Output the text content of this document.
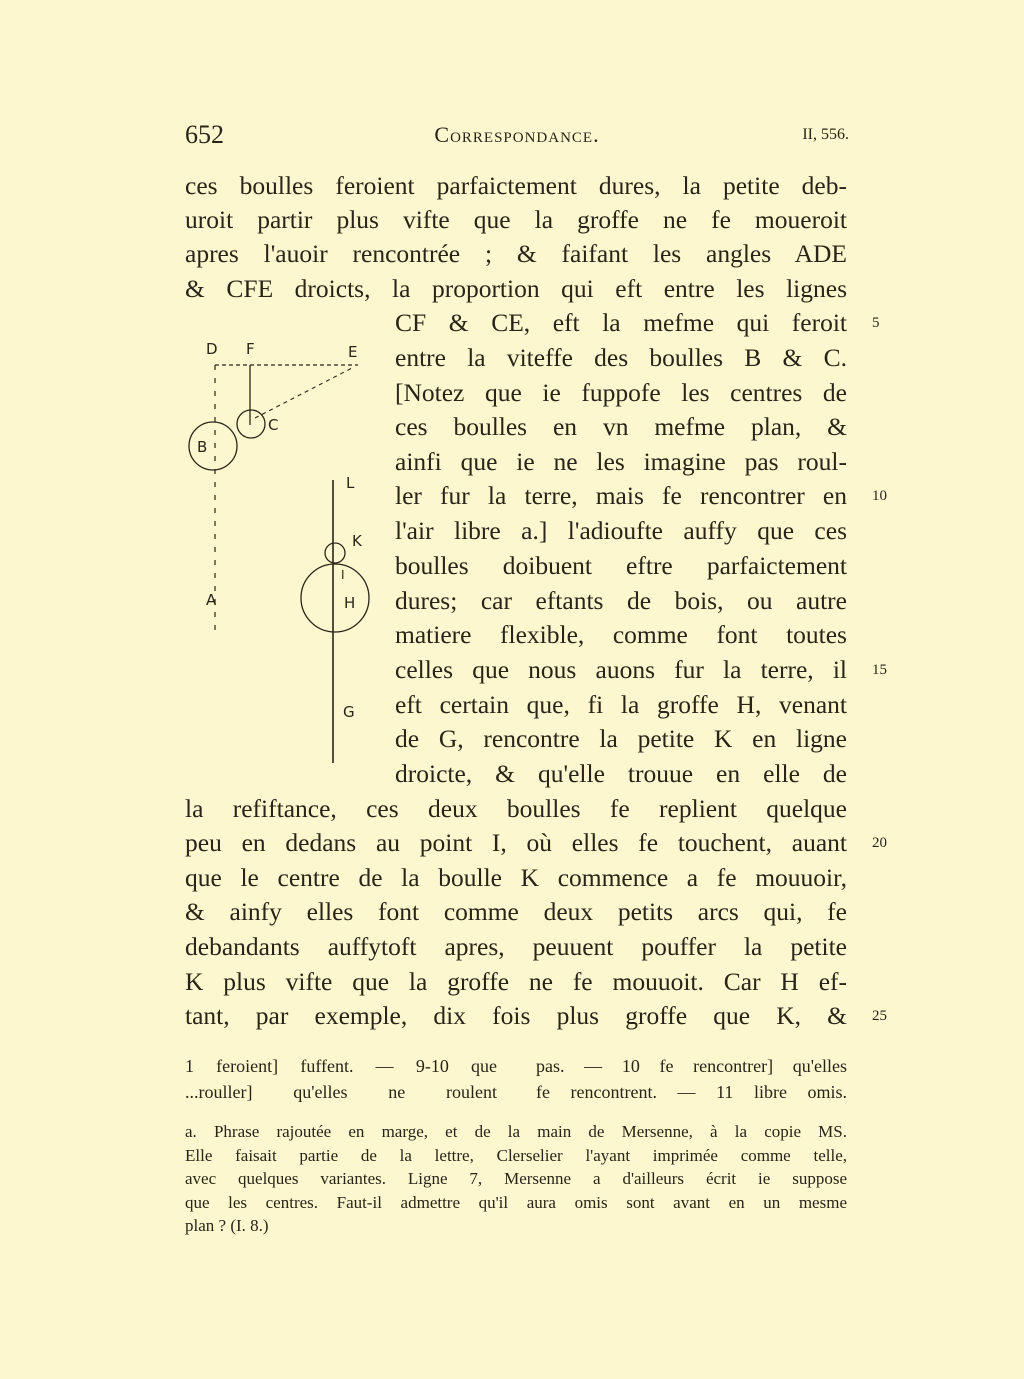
652	Correspondance.	II, 556.
ces boulles feroient parfaictement dures, la petite deb-
uroit partir plus vifte que la groffe ne fe moueroit
apres l'auoir rencontrée ; & faifant les angles ADE
& CFE droicts, la proportion qui eft entre les lignes
CF & CE, eft la mefme qui feroit
entre la viteffe des boulles B & C.
[Notez que ie fuppofe les centres de
ces boulles en vn mefme plan, &
ainfi que ie ne les imagine pas roul-
ler fur la terre, mais fe rencontrer en
l'air libre a.] l'adioufte auffy que ces
boulles doibuent eftre parfaictement
dures; car eftants de bois, ou autre
matiere flexible, comme font toutes
celles que nous auons fur la terre, il
eft certain que, fi la groffe H, venant
de G, rencontre la petite K en ligne
droicte, & qu'elle trouue en elle de
la refiftance, ces deux boulles fe replient quelque
peu en dedans au point I, où elles fe touchent, auant
que le centre de la boulle K commence a fe mouuoir,
& ainfy elles font comme deux petits arcs qui, fe
debandants auffytoft apres, peuuent pouffer la petite
K plus vifte que la groffe ne fe mouuoit. Car H ef-
tant, par exemple, dix fois plus groffe que K, &
5
10
15
20
25
D F	E
B
C
L
K
I
H
A
G
1 feroient] fuffent. — 9-10 que
...rouller] qu'elles ne roulent
pas. — 10 fe rencontrer] qu'elles
fe rencontrent. — 11 libre omis.
a. Phrase rajoutée en marge, et de la main de Mersenne, à la copie MS.
Elle faisait partie de la lettre, Clerselier l'ayant imprimée comme telle,
avec quelques variantes. Ligne 7, Mersenne a d'ailleurs écrit ie suppose
que les centres. Faut-il admettre qu'il aura omis sont avant en un mesme
plan ? (I. 8.)
